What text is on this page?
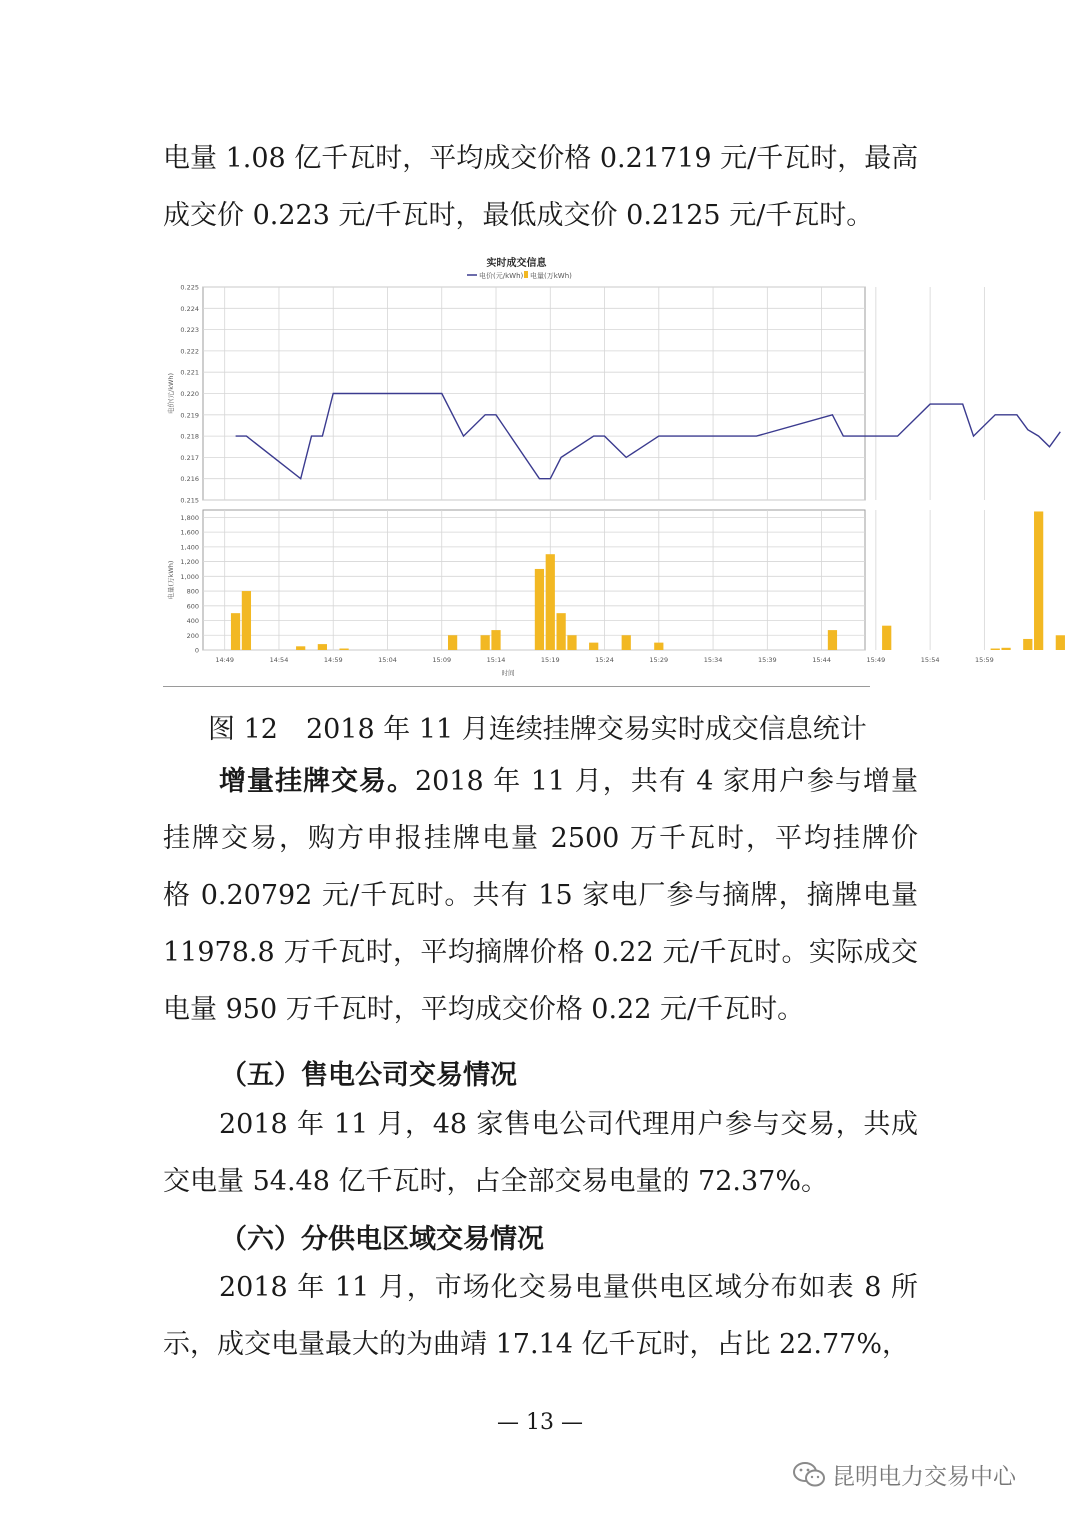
电量 1.08 亿千瓦时，平均成交价格 0.21719 元/千瓦时，最高
成交价 0.223 元/千瓦时，最低成交价 0.2125 元/千瓦时。
实时成交信息
电价(元/kWh) 电量(万kWh)
14:49	14:54	14:59	15:04	15:09	15:14	15:19	15:24	15:29	15:34	15:39	15:44	15:49	15:54	15:59
时间
0.225
0.224
0.223
0.222
0.221
0.220
0.219
0.218
0.217
0.216
0.215
电价(元/kWh)
1,800
1,600
1,400
1,200
1,000
800
600
400
200
0
电量(万kWh)

图 12 2018 年 11 月连续挂牌交易实时成交信息统计

增量挂牌交易。2018 年 11 月，共有 4 家用户参与增量
挂牌交易，购方申报挂牌电量 2500 万千瓦时，平均挂牌价
格 0.20792 元/千瓦时。共有 15 家电厂参与摘牌，摘牌电量
11978.8 万千瓦时，平均摘牌价格 0.22 元/千瓦时。实际成交
电量 950 万千瓦时，平均成交价格 0.22 元/千瓦时。

（五）售电公司交易情况

2018 年 11 月，48 家售电公司代理用户参与交易，共成
交电量 54.48 亿千瓦时，占全部交易电量的 72.37%。

（六）分供电区域交易情况

2018 年 11 月，市场化交易电量供电区域分布如表 8 所
示，成交电量最大的为曲靖 17.14 亿千瓦时，占比 22.77%，
— 13 —
昆明电力交易中心
